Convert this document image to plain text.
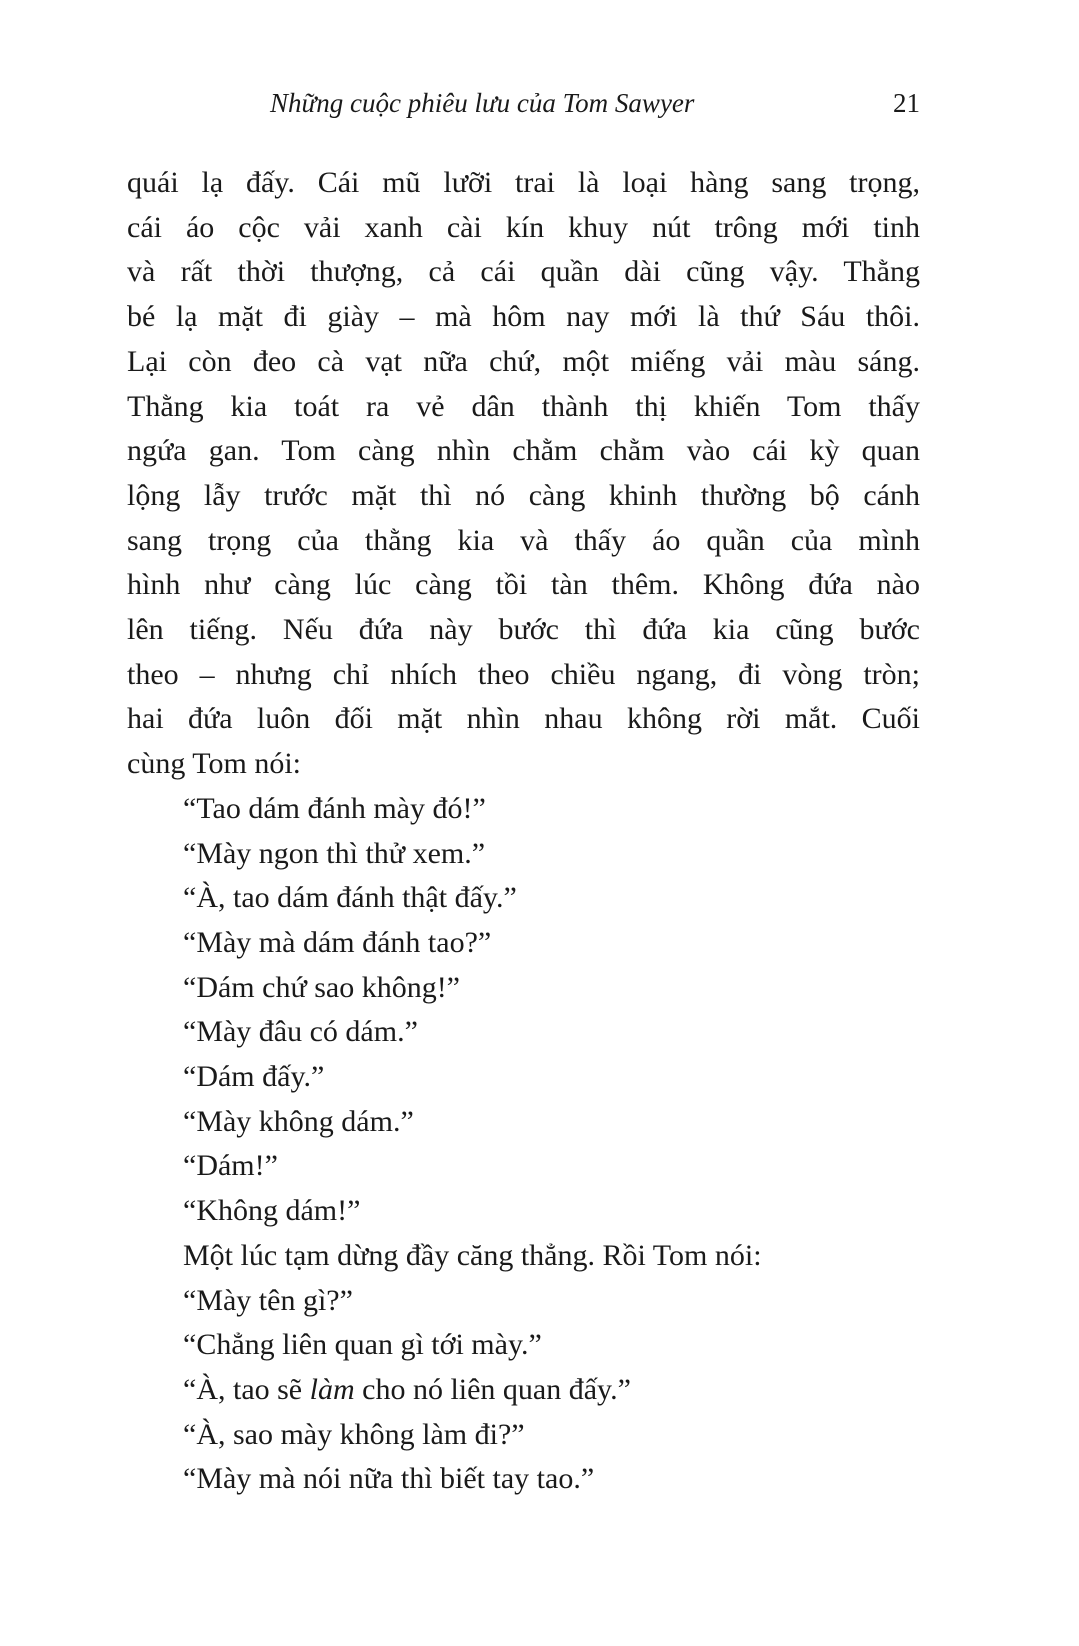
Những cuộc phiêu lưu của Tom Sawyer	21
quái lạ đấy. Cái mũ lưỡi trai là loại hàng sang trọng,
cái áo cộc vải xanh cài kín khuy nút trông mới tinh
và rất thời thượng, cả cái quần dài cũng vậy. Thằng
bé lạ mặt đi giày – mà hôm nay mới là thứ Sáu thôi.
Lại còn đeo cà vạt nữa chứ, một miếng vải màu sáng.
Thằng kia toát ra vẻ dân thành thị khiến Tom thấy
ngứa gan. Tom càng nhìn chằm chằm vào cái kỳ quan
lộng lẫy trước mặt thì nó càng khinh thường bộ cánh
sang trọng của thằng kia và thấy áo quần của mình
hình như càng lúc càng tồi tàn thêm. Không đứa nào
lên tiếng. Nếu đứa này bước thì đứa kia cũng bước
theo – nhưng chỉ nhích theo chiều ngang, đi vòng tròn;
hai đứa luôn đối mặt nhìn nhau không rời mắt. Cuối
cùng Tom nói:
“Tao dám đánh mày đó!”
“Mày ngon thì thử xem.”
“À, tao dám đánh thật đấy.”
“Mày mà dám đánh tao?”
“Dám chứ sao không!”
“Mày đâu có dám.”
“Dám đấy.”
“Mày không dám.”
“Dám!”
“Không dám!”
Một lúc tạm dừng đầy căng thẳng. Rồi Tom nói:
“Mày tên gì?”
“Chẳng liên quan gì tới mày.”
“À, tao sẽ làm cho nó liên quan đấy.”
“À, sao mày không làm đi?”
“Mày mà nói nữa thì biết tay tao.”
